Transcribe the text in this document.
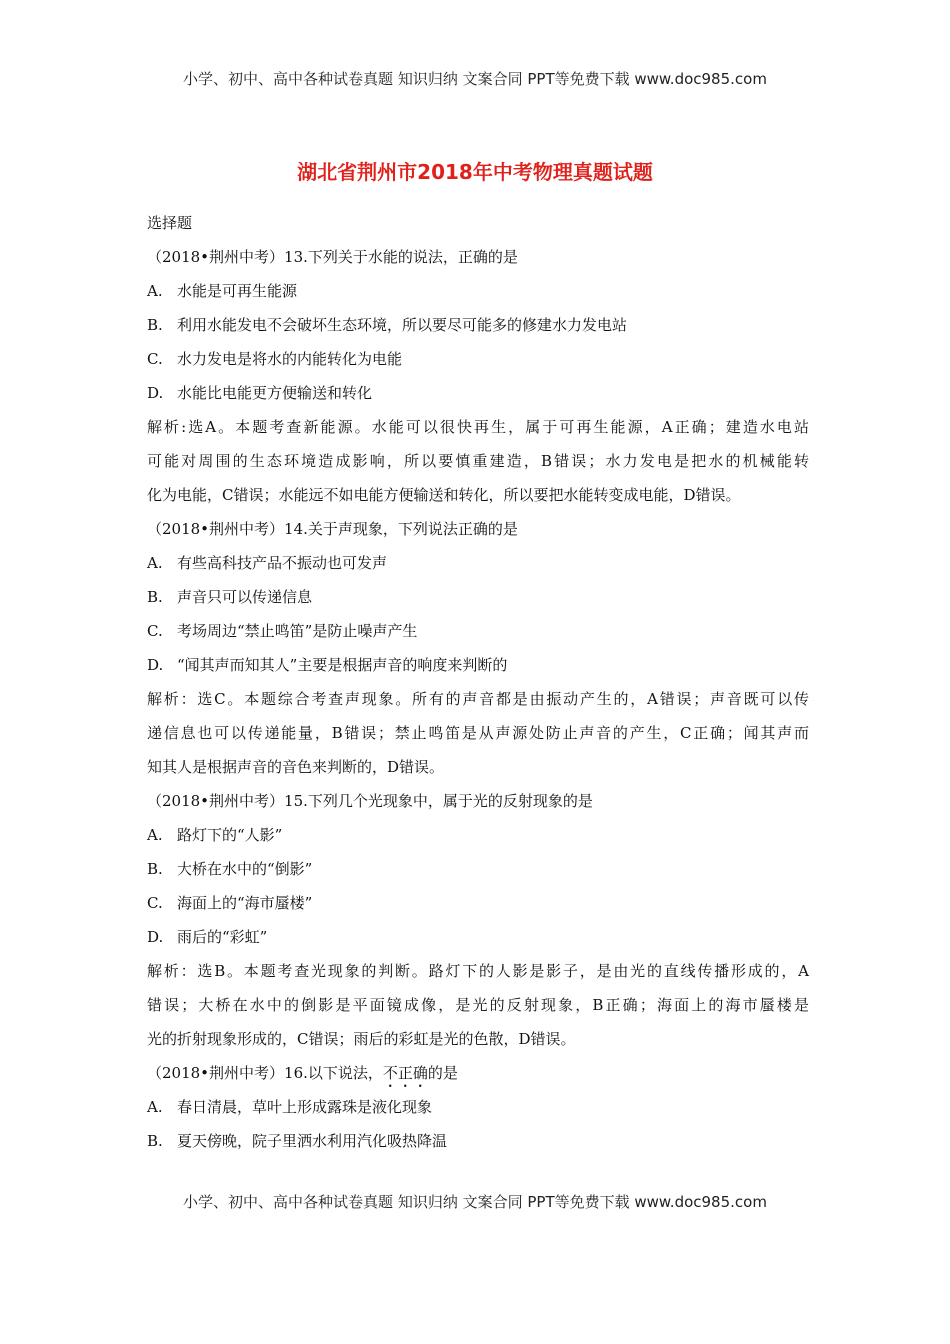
小学、初中、高中各种试卷真题 知识归纳 文案合同 PPT等免费下载 www.doc985.com
湖北省荆州市2018年中考物理真题试题
选择题
（2018•荆州中考）13.下列关于水能的说法，正确的是
A. 水能是可再生能源
B. 利用水能发电不会破坏生态环境，所以要尽可能多的修建水力发电站
C. 水力发电是将水的内能转化为电能
D. 水能比电能更方便输送和转化
解析:选A。本题考查新能源。水能可以很快再生，属于可再生能源，A正确；建造水电站
可能对周围的生态环境造成影响，所以要慎重建造，B错误；水力发电是把水的机械能转
化为电能，C错误；水能远不如电能方便输送和转化，所以要把水能转变成电能，D错误。
（2018•荆州中考）14.关于声现象，下列说法正确的是
A. 有些高科技产品不振动也可发声
B. 声音只可以传递信息
C. 考场周边“禁止鸣笛”是防止噪声产生
D. “闻其声而知其人”主要是根据声音的响度来判断的
解析：选C。本题综合考查声现象。所有的声音都是由振动产生的，A错误；声音既可以传
递信息也可以传递能量，B错误；禁止鸣笛是从声源处防止声音的产生，C正确；闻其声而
知其人是根据声音的音色来判断的，D错误。
（2018•荆州中考）15.下列几个光现象中，属于光的反射现象的是
A. 路灯下的“人影”
B. 大桥在水中的“倒影”
C. 海面上的“海市蜃楼”
D. 雨后的“彩虹”
解析：选B。本题考查光现象的判断。路灯下的人影是影子，是由光的直线传播形成的，A
错误；大桥在水中的倒影是平面镜成像，是光的反射现象，B正确；海面上的海市蜃楼是
光的折射现象形成的，C错误；雨后的彩虹是光的色散，D错误。
（2018•荆州中考）16.以下说法，不正确的是
A. 春日清晨，草叶上形成露珠是液化现象
B. 夏天傍晚，院子里洒水利用汽化吸热降温
小学、初中、高中各种试卷真题 知识归纳 文案合同 PPT等免费下载 www.doc985.com
